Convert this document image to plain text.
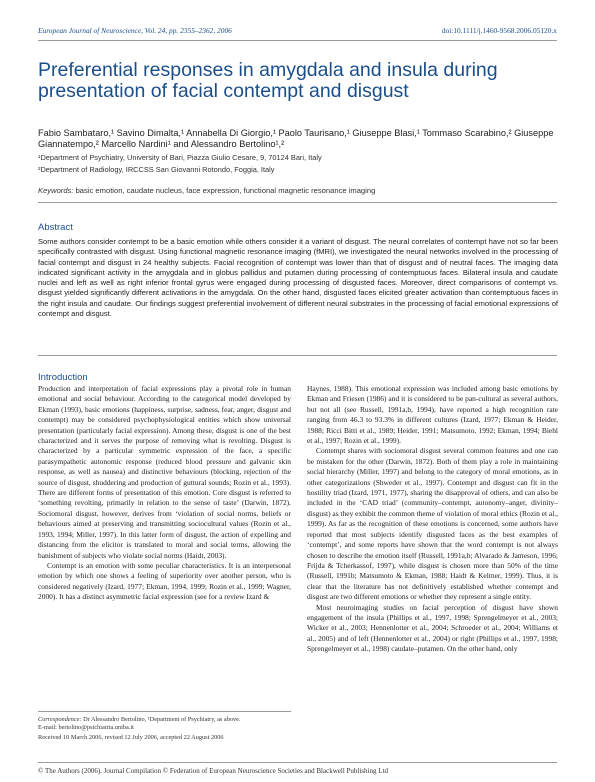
European Journal of Neuroscience, Vol. 24, pp. 2355–2362, 2006	doi:10.1111/j.1460-9568.2006.05120.x
Preferential responses in amygdala and insula during presentation of facial contempt and disgust
Fabio Sambataro,¹ Savino Dimalta,¹ Annabella Di Giorgio,¹ Paolo Taurisano,¹ Giuseppe Blasi,¹ Tommaso Scarabino,² Giuseppe Giannatempo,² Marcello Nardini¹ and Alessandro Bertolino¹,²
¹Department of Psychiatry, University of Bari, Piazza Giulio Cesare, 9, 70124 Bari, Italy
²Department of Radiology, IRCCSS San Giovanni Rotondo, Foggia, Italy
Keywords: basic emotion, caudate nucleus, face expression, functional magnetic resonance imaging
Abstract
Some authors consider contempt to be a basic emotion while others consider it a variant of disgust. The neural correlates of contempt have not so far been specifically contrasted with disgust. Using functional magnetic resonance imaging (fMRI), we investigated the neural networks involved in the processing of facial contempt and disgust in 24 healthy subjects. Facial recognition of contempt was lower than that of disgust and of neutral faces. The imaging data indicated significant activity in the amygdala and in globus pallidus and putamen during processing of contemptuous faces. Bilateral insula and caudate nuclei and left as well as right inferior frontal gyrus were engaged during processing of disgusted faces. Moreover, direct comparisons of contempt vs. disgust yielded significantly different activations in the amygdala. On the other hand, disgusted faces elicited greater activation than contemptuous faces in the right insula and caudate. Our findings suggest preferential involvement of different neural substrates in the processing of facial emotional expressions of contempt and disgust.
Introduction

Production and interpretation of facial expressions play a pivotal role in human emotional and social behaviour. According to the categorical model developed by Ekman (1993), basic emotions (happiness, surprise, sadness, fear, anger, disgust and contempt) may be considered psychophysiological entities which show universal presentation (particularly facial expression). Among these, disgust is one of the best characterized and it serves the purpose of removing what is revolting. Disgust is characterized by a particular symmetric expression of the face, a specific parasympathetic autonomic response (reduced blood pressure and galvanic skin response, as well as nausea) and distinctive behaviours (blocking, rejection of the source of disgust, shuddering and production of guttural sounds; Rozin et al., 1993). There are different forms of presentation of this emotion. Core disgust is referred to ‘something revolting, primarily in relation to the sense of taste’ (Darwin, 1872). Sociomoral disgust, however, derives from ‘violation of social norms, beliefs or behaviours aimed at preserving and transmitting sociocultural values (Rozin et al., 1993, 1994; Miller, 1997). In this latter form of disgust, the action of expelling and distancing from the elicitor is translated to moral and social terms, allowing the banishment of subjects who violate social norms (Haidt, 2003).

Contempt is an emotion with some peculiar characteristics. It is an interpersonal emotion by which one shows a feeling of superiority over another person, who is considered negatively (Izard, 1977; Ekman, 1994, 1999; Rozin et al., 1999; Wagner, 2000). It has a distinct asymmetric facial expression (see for a review Izard &

Haynes, 1988). This emotional expression was included among basic emotions by Ekman and Friesen (1986) and it is considered to be pan-cultural as several authors, but not all (see Russell, 1991a,b, 1994), have reported a high recognition rate ranging from 46.3 to 93.3% in different cultures (Izard, 1977; Ekman & Heider, 1988; Ricci Bitti et al., 1989; Heider, 1991; Matsumoto, 1992; Ekman, 1994; Biehl et al., 1997; Rozin et al., 1999).

Contempt shares with sociomoral disgust several common features and one can be mistaken for the other (Darwin, 1872). Both of them play a role in maintaining social hierarchy (Miller, 1997) and belong to the category of moral emotions, as in other categorizations (Shweder et al., 1997). Contempt and disgust can fit in the hostility triad (Izard, 1971, 1977), sharing the disapproval of others, and can also be included in the ‘CAD triad’ (community–contempt, autonomy–anger, divinity–disgust) as they exhibit the common theme of violation of moral ethics (Rozin et al., 1999). As far as the recognition of these emotions is concerned, some authors have reported that most subjects identify disgusted faces as the best examples of ‘contempt’, and some reports have shown that the word contempt is not always chosen to describe the emotion itself (Russell, 1991a,b; Alvarado & Jameson, 1996; Frijda & Tcherkassof, 1997), while disgust is chosen more than 50% of the time (Russell, 1991b; Matsumoto & Ekman, 1988; Haidt & Keltner, 1999). Thus, it is clear that the literature has not definitively established whether contempt and disgust are two different emotions or whether they represent a single entity.

Most neuroimaging studies on facial perception of disgust have shown engagement of the insula (Phillips et al., 1997, 1998; Sprengelmeyer et al., 2003; Wicker et al., 2003; Hennenlotter et al., 2004; Schroeder et al., 2004; Williams et al., 2005) and of left (Hennenlotter et al., 2004) or right (Phillips et al., 1997, 1998; Sprengelmeyer et al., 1998) caudate–putamen. On the other hand, only

Correspondence: Dr Alessandro Bertolino, ¹Department of Psychiatry, as above.
E-mail: bertolino@psichiatria.uniba.it
Received 10 March 2006, revised 12 July 2006, accepted 22 August 2006
© The Authors (2006). Journal Compilation © Federation of European Neuroscience Societies and Blackwell Publishing Ltd
